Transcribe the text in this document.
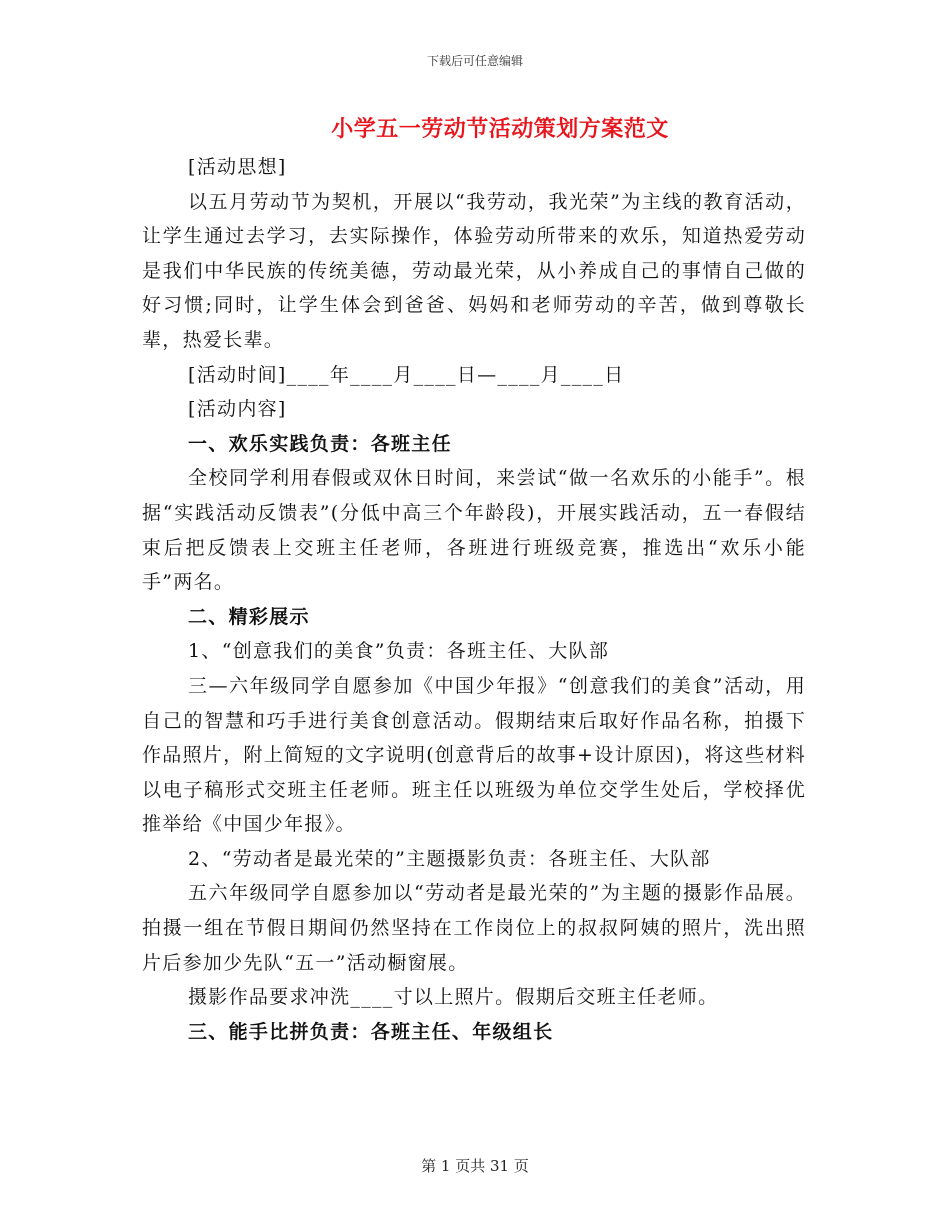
下载后可任意编辑
小学五一劳动节活动策划方案范文

[活动思想]

以五月劳动节为契机，开展以“我劳动，我光荣”为主线的教育活动，让学生通过去学习，去实际操作，体验劳动所带来的欢乐，知道热爱劳动是我们中华民族的传统美德，劳动最光荣，从小养成自己的事情自己做的好习惯;同时，让学生体会到爸爸、妈妈和老师劳动的辛苦，做到尊敬长辈，热爱长辈。

[活动时间]____年____月____日—____月____日

[活动内容]

一、欢乐实践负责：各班主任

全校同学利用春假或双休日时间，来尝试“做一名欢乐的小能手”。根据“实践活动反馈表”(分低中高三个年龄段)，开展实践活动，五一春假结束后把反馈表上交班主任老师，各班进行班级竞赛，推选出“欢乐小能手”两名。

二、精彩展示

1、“创意我们的美食”负责：各班主任、大队部

三—六年级同学自愿参加《中国少年报》“创意我们的美食”活动，用自己的智慧和巧手进行美食创意活动。假期结束后取好作品名称，拍摄下作品照片，附上简短的文字说明(创意背后的故事+设计原因)，将这些材料以电子稿形式交班主任老师。班主任以班级为单位交学生处后，学校择优推举给《中国少年报》。

2、“劳动者是最光荣的”主题摄影负责：各班主任、大队部

五六年级同学自愿参加以“劳动者是最光荣的”为主题的摄影作品展。拍摄一组在节假日期间仍然坚持在工作岗位上的叔叔阿姨的照片，洗出照片后参加少先队“五一”活动橱窗展。

摄影作品要求冲洗____寸以上照片。假期后交班主任老师。

三、能手比拼负责：各班主任、年级组长

第 1 页共 31 页
